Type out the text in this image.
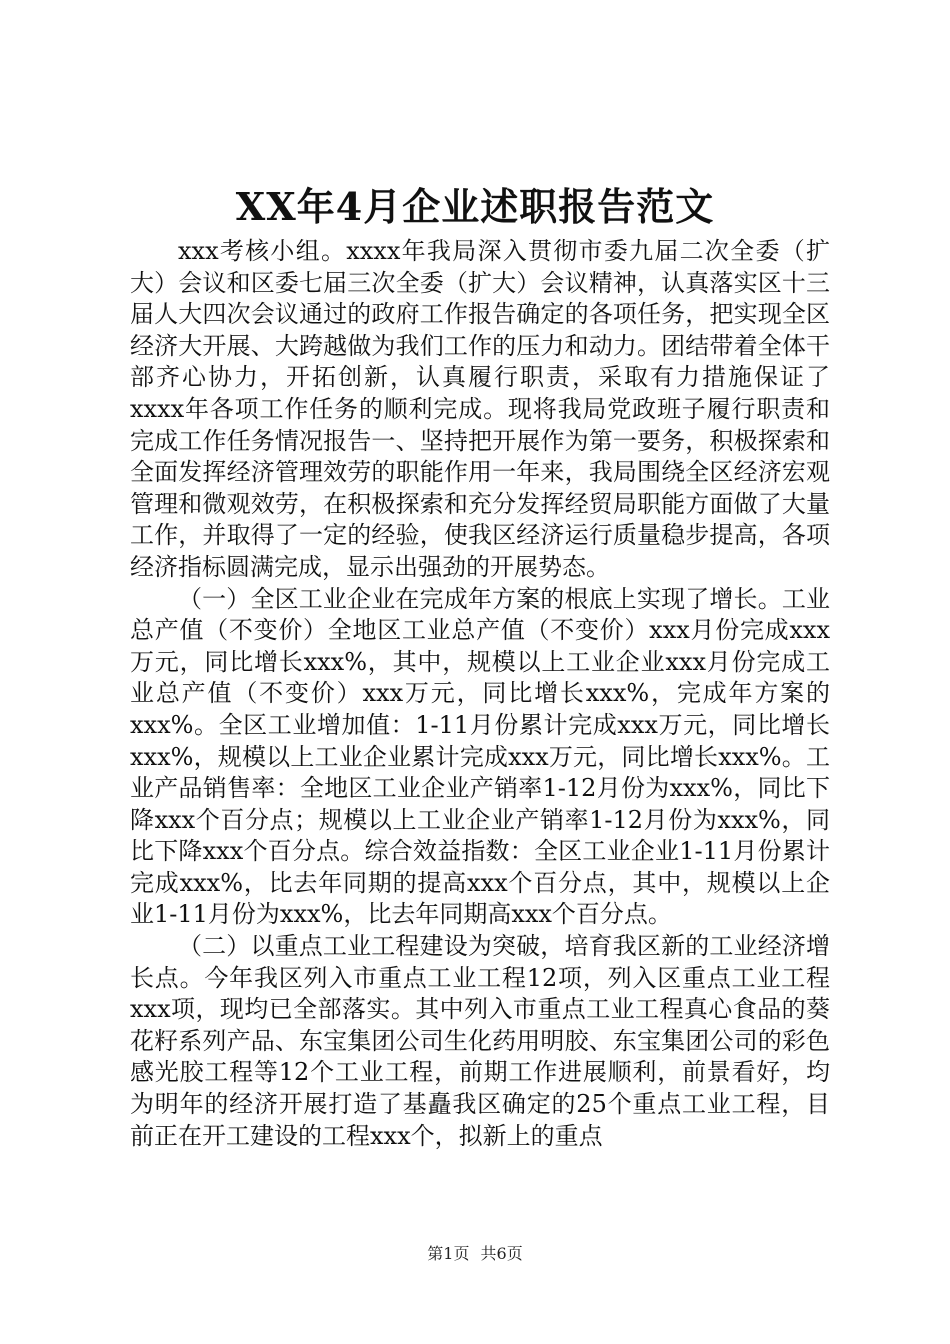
XX年4月企业述职报告范文

xxx考核小组。xxxx年我局深入贯彻市委九届二次全委（扩大）会议和区委七届三次全委（扩大）会议精神，认真落实区十三届人大四次会议通过的政府工作报告确定的各项任务，把实现全区经济大开展、大跨越做为我们工作的压力和动力。团结带着全体干部齐心协力，开拓创新，认真履行职责，采取有力措施保证了xxxx年各项工作任务的顺利完成。现将我局党政班子履行职责和完成工作任务情况报告一、坚持把开展作为第一要务，积极探索和全面发挥经济管理效劳的职能作用一年来，我局围绕全区经济宏观管理和微观效劳，在积极探索和充分发挥经贸局职能方面做了大量工作，并取得了一定的经验，使我区经济运行质量稳步提高，各项经济指标圆满完成，显示出强劲的开展势态。

（一）全区工业企业在完成年方案的根底上实现了增长。工业总产值（不变价）全地区工业总产值（不变价）xxx月份完成xxx万元，同比增长xxx%，其中，规模以上工业企业xxx月份完成工业总产值（不变价）xxx万元，同比增长xxx%，完成年方案的xxx%。全区工业增加值：1-11月份累计完成xxx万元，同比增长xxx%，规模以上工业企业累计完成xxx万元，同比增长xxx%。工业产品销售率：全地区工业企业产销率1-12月份为xxx%，同比下降xxx个百分点；规模以上工业企业产销率1-12月份为xxx%，同比下降xxx个百分点。综合效益指数：全区工业企业1-11月份累计完成xxx%，比去年同期的提高xxx个百分点，其中，规模以上企业1-11月份为xxx%，比去年同期高xxx个百分点。

（二）以重点工业工程建设为突破，培育我区新的工业经济增长点。今年我区列入市重点工业工程12项，列入区重点工业工程xxx项，现均已全部落实。其中列入市重点工业工程真心食品的葵花籽系列产品、东宝集团公司生化药用明胶、东宝集团公司的彩色感光胶工程等12个工业工程，前期工作进展顺利，前景看好，均为明年的经济开展打造了基矗我区确定的25个重点工业工程，目前正在开工建设的工程xxx个，拟新上的重点

第1页 共6页
